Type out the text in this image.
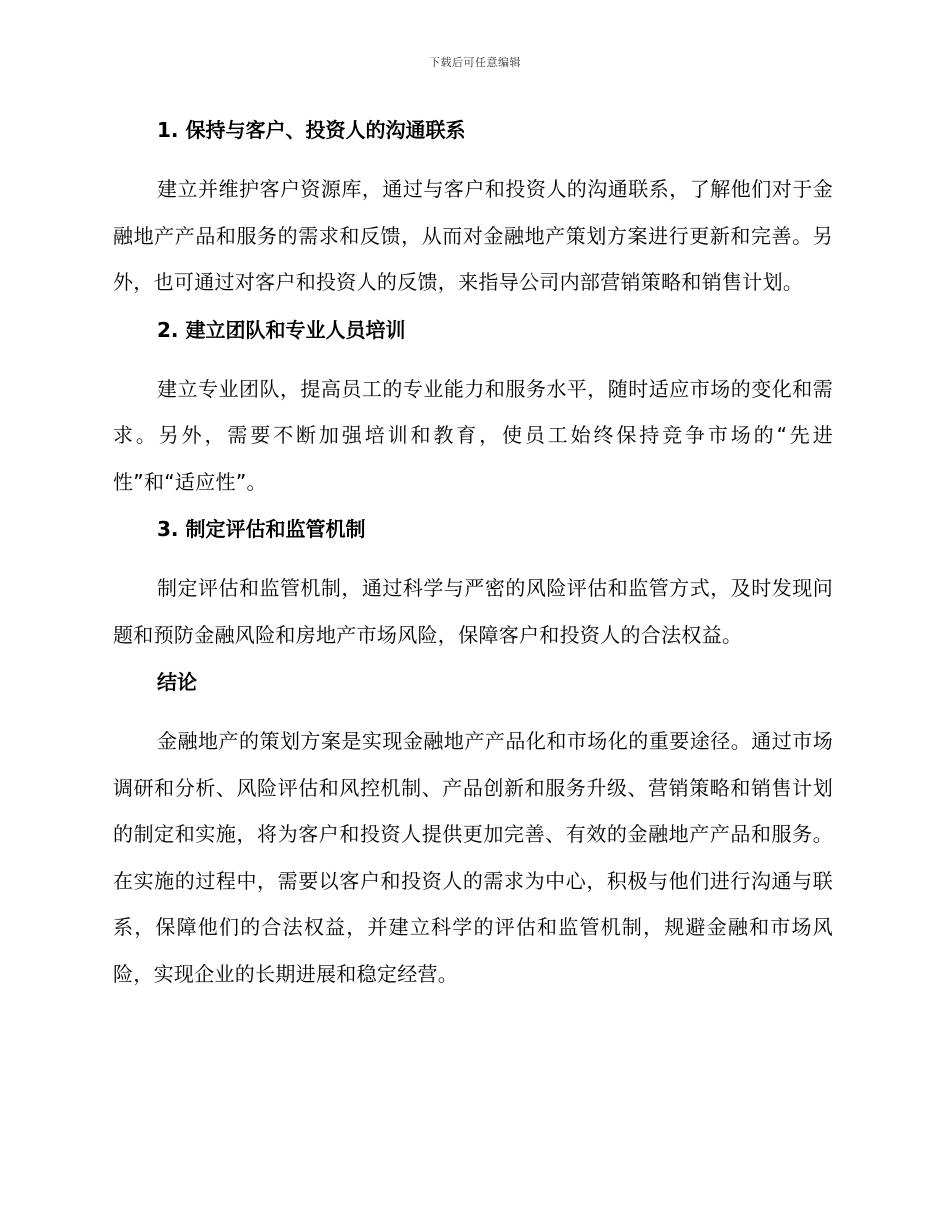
下载后可任意编辑
1. 保持与客户、投资人的沟通联系

建立并维护客户资源库，通过与客户和投资人的沟通联系，了解他们对于金融地产产品和服务的需求和反馈，从而对金融地产策划方案进行更新和完善。另外，也可通过对客户和投资人的反馈，来指导公司内部营销策略和销售计划。

2. 建立团队和专业人员培训

建立专业团队，提高员工的专业能力和服务水平，随时适应市场的变化和需求。另外，需要不断加强培训和教育，使员工始终保持竞争市场的“先进性”和“适应性”。

3. 制定评估和监管机制

制定评估和监管机制，通过科学与严密的风险评估和监管方式，及时发现问题和预防金融风险和房地产市场风险，保障客户和投资人的合法权益。

结论

金融地产的策划方案是实现金融地产产品化和市场化的重要途径。通过市场调研和分析、风险评估和风控机制、产品创新和服务升级、营销策略和销售计划的制定和实施，将为客户和投资人提供更加完善、有效的金融地产产品和服务。在实施的过程中，需要以客户和投资人的需求为中心，积极与他们进行沟通与联系，保障他们的合法权益，并建立科学的评估和监管机制，规避金融和市场风险，实现企业的长期进展和稳定经营。
